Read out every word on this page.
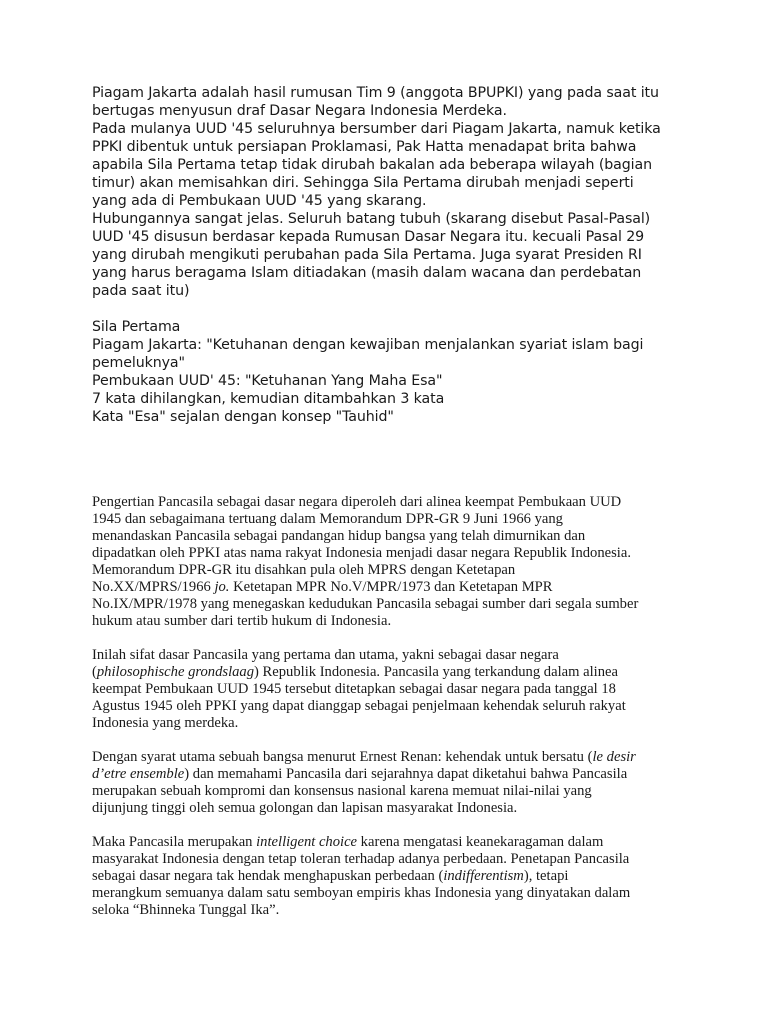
Piagam Jakarta adalah hasil rumusan Tim 9 (anggota BPUPKI) yang pada saat itu

bertugas menyusun draf Dasar Negara Indonesia Merdeka.

Pada mulanya UUD '45 seluruhnya bersumber dari Piagam Jakarta, namuk ketika

PPKI dibentuk untuk persiapan Proklamasi, Pak Hatta menadapat brita bahwa

apabila Sila Pertama tetap tidak dirubah bakalan ada beberapa wilayah (bagian

timur) akan memisahkan diri. Sehingga Sila Pertama dirubah menjadi seperti

yang ada di Pembukaan UUD '45 yang skarang.

Hubungannya sangat jelas. Seluruh batang tubuh (skarang disebut Pasal-Pasal)

UUD '45 disusun berdasar kepada Rumusan Dasar Negara itu. kecuali Pasal 29

yang dirubah mengikuti perubahan pada Sila Pertama. Juga syarat Presiden RI

yang harus beragama Islam ditiadakan (masih dalam wacana dan perdebatan

pada saat itu)

Sila Pertama

Piagam Jakarta: "Ketuhanan dengan kewajiban menjalankan syariat islam bagi

pemeluknya"

Pembukaan UUD' 45: "Ketuhanan Yang Maha Esa"

7 kata dihilangkan, kemudian ditambahkan 3 kata

Kata "Esa" sejalan dengan konsep "Tauhid"

Pengertian Pancasila sebagai dasar negara diperoleh dari alinea keempat Pembukaan UUD
1945 dan sebagaimana tertuang dalam Memorandum DPR-GR 9 Juni 1966 yang
menandaskan Pancasila sebagai pandangan hidup bangsa yang telah dimurnikan dan
dipadatkan oleh PPKI atas nama rakyat Indonesia menjadi dasar negara Republik Indonesia.
Memorandum DPR-GR itu disahkan pula oleh MPRS dengan Ketetapan
No.XX/MPRS/1966 jo. Ketetapan MPR No.V/MPR/1973 dan Ketetapan MPR
No.IX/MPR/1978 yang menegaskan kedudukan Pancasila sebagai sumber dari segala sumber
hukum atau sumber dari tertib hukum di Indonesia.

Inilah sifat dasar Pancasila yang pertama dan utama, yakni sebagai dasar negara
(philosophische grondslaag) Republik Indonesia. Pancasila yang terkandung dalam alinea
keempat Pembukaan UUD 1945 tersebut ditetapkan sebagai dasar negara pada tanggal 18
Agustus 1945 oleh PPKI yang dapat dianggap sebagai penjelmaan kehendak seluruh rakyat
Indonesia yang merdeka.

Dengan syarat utama sebuah bangsa menurut Ernest Renan: kehendak untuk bersatu (le desir
d’etre ensemble) dan memahami Pancasila dari sejarahnya dapat diketahui bahwa Pancasila
merupakan sebuah kompromi dan konsensus nasional karena memuat nilai-nilai yang
dijunjung tinggi oleh semua golongan dan lapisan masyarakat Indonesia.

Maka Pancasila merupakan intelligent choice karena mengatasi keanekaragaman dalam
masyarakat Indonesia dengan tetap toleran terhadap adanya perbedaan. Penetapan Pancasila
sebagai dasar negara tak hendak menghapuskan perbedaan (indifferentism), tetapi
merangkum semuanya dalam satu semboyan empiris khas Indonesia yang dinyatakan dalam
seloka “Bhinneka Tunggal Ika”.
